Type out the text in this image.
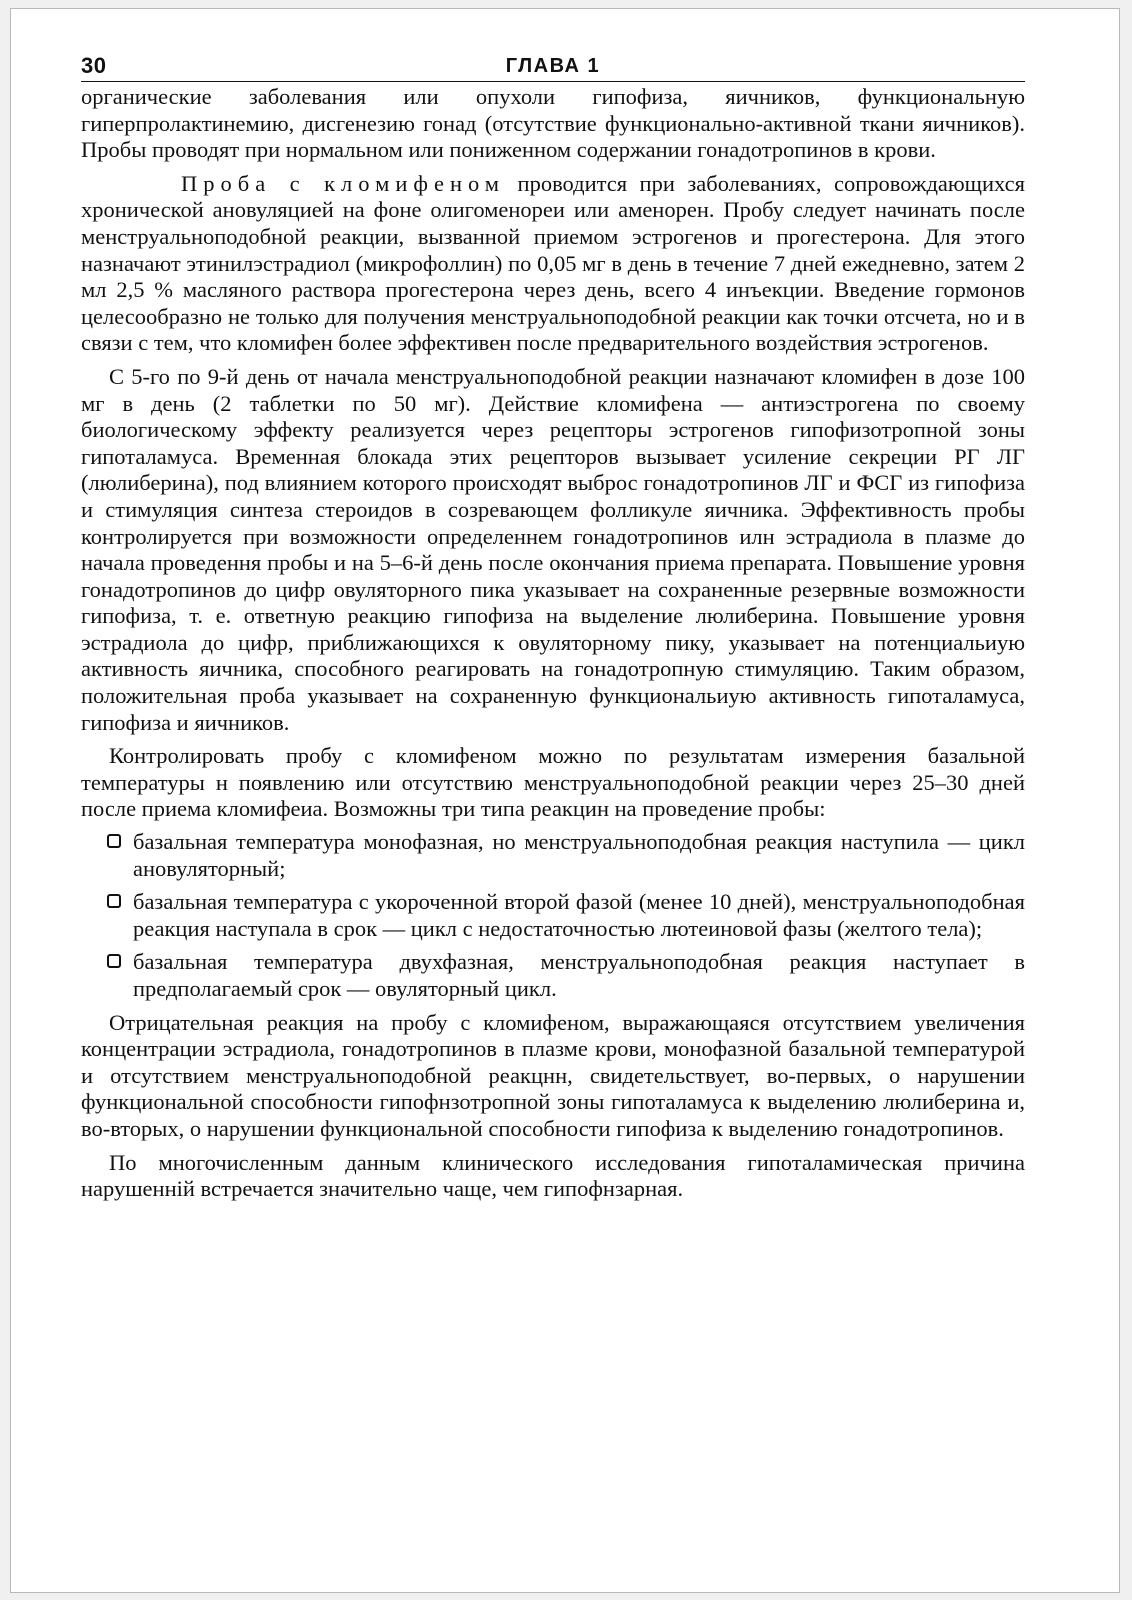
30	ГЛАВА 1

органические заболевания или опухоли гипофиза, яичников, функциональную гиперпролактинемию, дисгенезию гонад (отсутствие функционально-активной ткани яичников). Пробы проводят при нормальном или пониженном содержании гонадотропинов в крови.

Проба с кломифеном проводится при заболеваниях, сопровождающихся хронической ановуляцией на фоне олигоменореи или аменорен. Пробу следует начинать после менструальноподобной реакции, вызванной приемом эстрогенов и прогестерона. Для этого назначают этинилэстрадиол (микрофоллин) по 0,05 мг в день в течение 7 дней ежедневно, затем 2 мл 2,5 % масляного раствора прогестерона через день, всего 4 инъекции. Введение гормонов целесообразно не только для получения менструальноподобной реакции как точки отсчета, но и в связи с тем, что кломифен более эффективен после предварительного воздействия эстрогенов.

С 5-го по 9-й день от начала менструальноподобной реакции назначают кломифен в дозе 100 мг в день (2 таблетки по 50 мг). Действие кломифена — антиэстрогена по своему биологическому эффекту реализуется через рецепторы эстрогенов гипофизотропной зоны гипоталамуса. Временная блокада этих рецепторов вызывает усиление секреции РГ ЛГ (люлиберина), под влиянием которого происходят выброс гонадотропинов ЛГ и ФСГ из гипофиза и стимуляция синтеза стероидов в созревающем фолликуле яичника. Эффективность пробы контролируется при возможности определеннем гонадотропинов илн эстрадиола в плазме до начала проведення пробы и на 5–6-й день после окончания приема препарата. Повышение уровня гонадотропинов до цифр овуляторного пика указывает на сохраненные резервные возможности гипофиза, т. е. ответную реакцию гипофиза на выделение люлиберина. Повышение уровня эстрадиола до цифр, приближающихся к овуляторному пику, указывает на потенциальиую активность яичника, способного реагировать на гонадотропную стимуляцию. Таким образом, положительная проба указывает на сохраненную функциональиую активность гипоталамуса, гипофиза и яичников.

Контролировать пробу с кломифеном можно по результатам измерения базальной температуры н появлению или отсутствию менструальноподобной реакции через 25–30 дней после приема кломифеиа. Возможны три типа реакцин на проведение пробы:

базальная температура монофазная, но менструальноподобная реакция наступила — цикл ановуляторный;
базальная температура с укороченной второй фазой (менее 10 дней), менструальноподобная реакция наступала в срок — цикл с недостаточностью лютеиновой фазы (желтого тела);
базальная температура двухфазная, менструальноподобная реакция наступает в предполагаемый срок — овуляторный цикл.

Отрицательная реакция на пробу с кломифеном, выражающаяся отсутствием увеличения концентрации эстрадиола, гонадотропинов в плазме крови, монофазной базальной температурой и отсутствием менструальноподобной реакцнн, свидетельствует, во-первых, о нарушении функциональной способности гипофнзотропной зоны гипоталамуса к выделению люлиберина и, во-вторых, о нарушении функциональной способности гипофиза к выделению гонадотропинов.

По многочисленным данным клинического исследования гипоталамическая причина нарушенній встречается значительно чаще, чем гипофнзарная.
